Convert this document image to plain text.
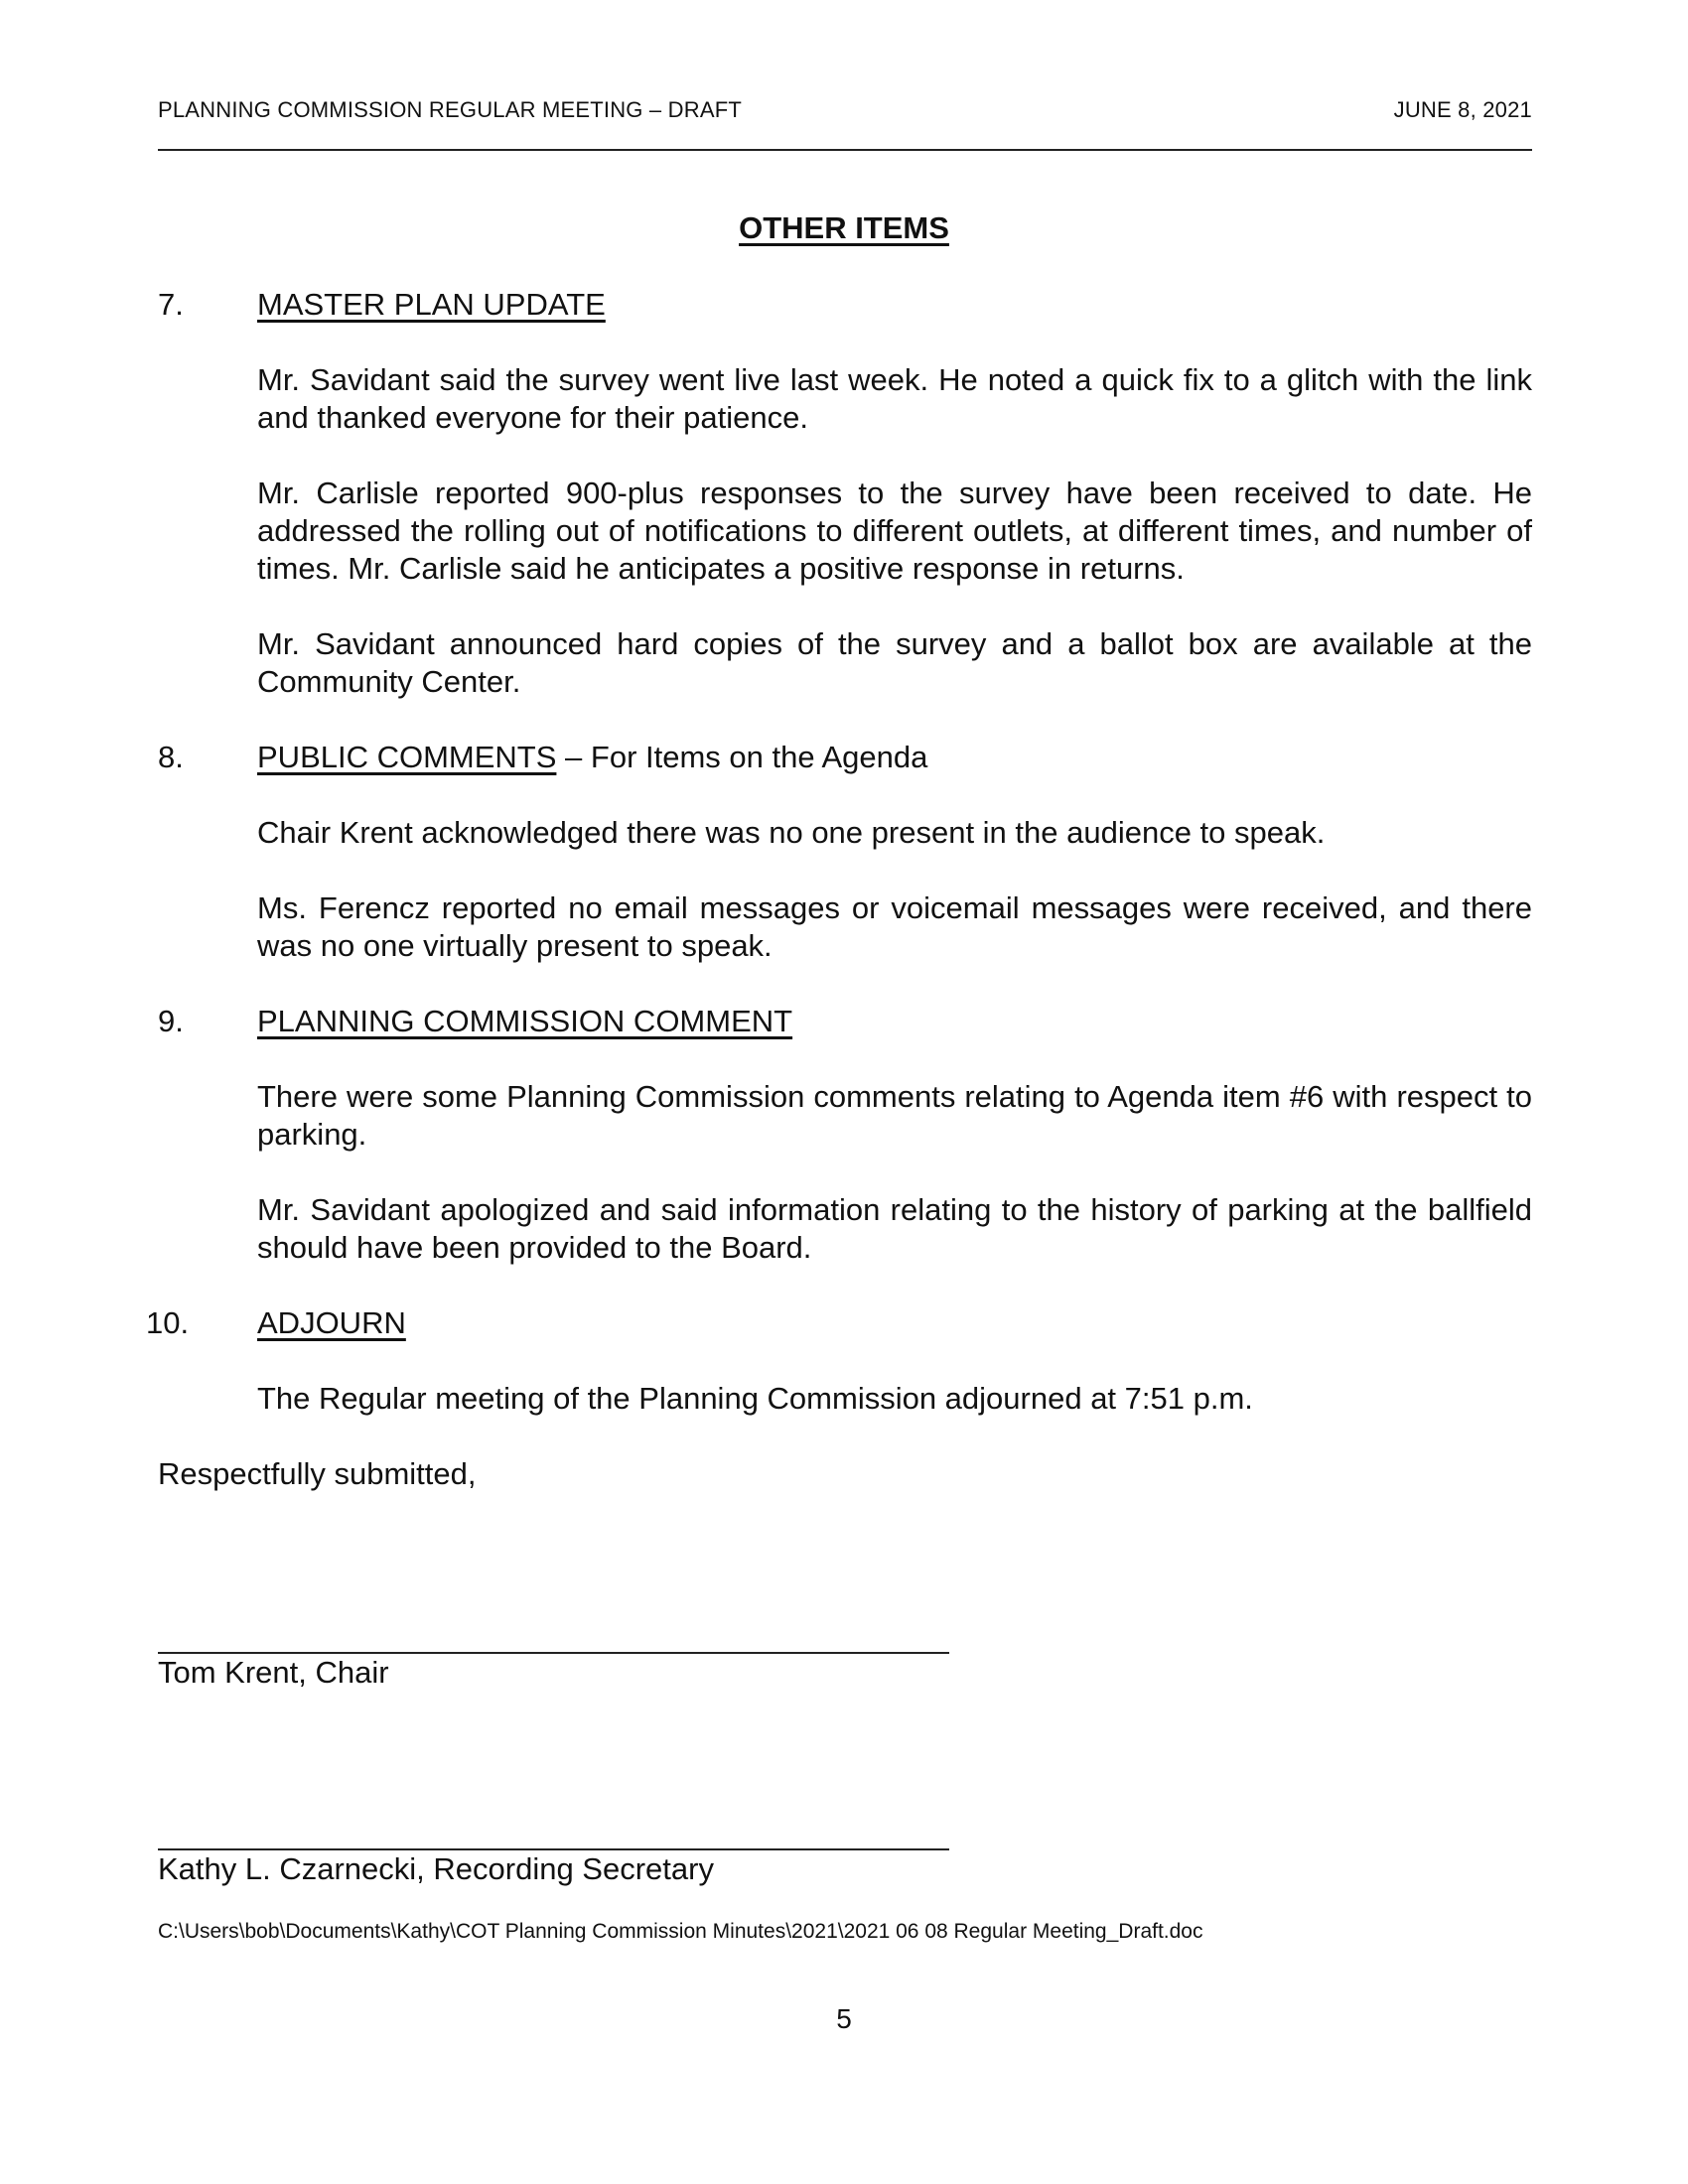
PLANNING COMMISSION REGULAR MEETING – DRAFT	JUNE 8, 2021
OTHER ITEMS
7. MASTER PLAN UPDATE
Mr. Savidant said the survey went live last week. He noted a quick fix to a glitch with the link and thanked everyone for their patience.
Mr. Carlisle reported 900-plus responses to the survey have been received to date. He addressed the rolling out of notifications to different outlets, at different times, and number of times. Mr. Carlisle said he anticipates a positive response in returns.
Mr. Savidant announced hard copies of the survey and a ballot box are available at the Community Center.
8. PUBLIC COMMENTS – For Items on the Agenda
Chair Krent acknowledged there was no one present in the audience to speak.
Ms. Ferencz reported no email messages or voicemail messages were received, and there was no one virtually present to speak.
9. PLANNING COMMISSION COMMENT
There were some Planning Commission comments relating to Agenda item #6 with respect to parking.
Mr. Savidant apologized and said information relating to the history of parking at the ballfield should have been provided to the Board.
10. ADJOURN
The Regular meeting of the Planning Commission adjourned at 7:51 p.m.
Respectfully submitted,
Tom Krent, Chair
Kathy L. Czarnecki, Recording Secretary
C:\Users\bob\Documents\Kathy\COT Planning Commission Minutes\2021\2021 06 08 Regular Meeting_Draft.doc
5
